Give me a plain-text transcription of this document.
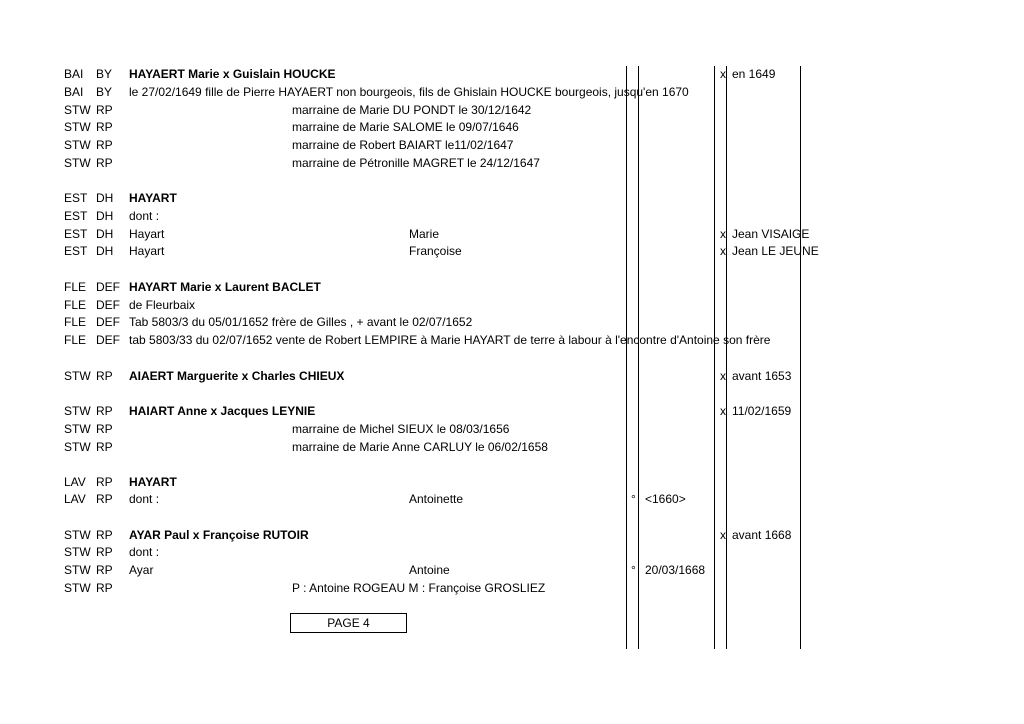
BAI BY HAYAERT Marie x Guislain HOUCKE	x en 1649
BAI BY le 27/02/1649 fille de Pierre HAYAERT non bourgeois, fils de Ghislain HOUCKE bourgeois, jusqu'en 1670
STW RP	marraine de Marie DU PONDT le 30/12/1642
STW RP	marraine de Marie SALOME le 09/07/1646
STW RP	marraine de Robert BAIART le11/02/1647
STW RP	marraine de Pétronille MAGRET le 24/12/1647
EST DH HAYART
EST DH dont :
EST DH Hayart	Marie	x Jean VISAIGE
EST DH Hayart	Françoise	x Jean LE JEUNE
FLE DEF HAYART Marie x Laurent BACLET
FLE DEF de Fleurbaix
FLE DEF Tab 5803/3 du 05/01/1652 frère de Gilles , + avant le 02/07/1652
FLE DEF tab 5803/33 du 02/07/1652 vente de Robert LEMPIRE à Marie HAYART de terre à labour à l'encontre d'Antoine son frère
STW RP AIAERT Marguerite x Charles CHIEUX	x avant 1653
STW RP HAIART Anne x Jacques LEYNIE	x 11/02/1659
STW RP	marraine de Michel SIEUX le 08/03/1656
STW RP	marraine de Marie Anne CARLUY le 06/02/1658
LAV RP HAYART
LAV RP dont :	Antoinette	° <1660>
STW RP AYAR Paul x Françoise RUTOIR	x avant 1668
STW RP dont :
STW RP Ayar	Antoine	° 20/03/1668
STW RP	P : Antoine ROGEAU M : Françoise GROSLIEZ
PAGE 4
